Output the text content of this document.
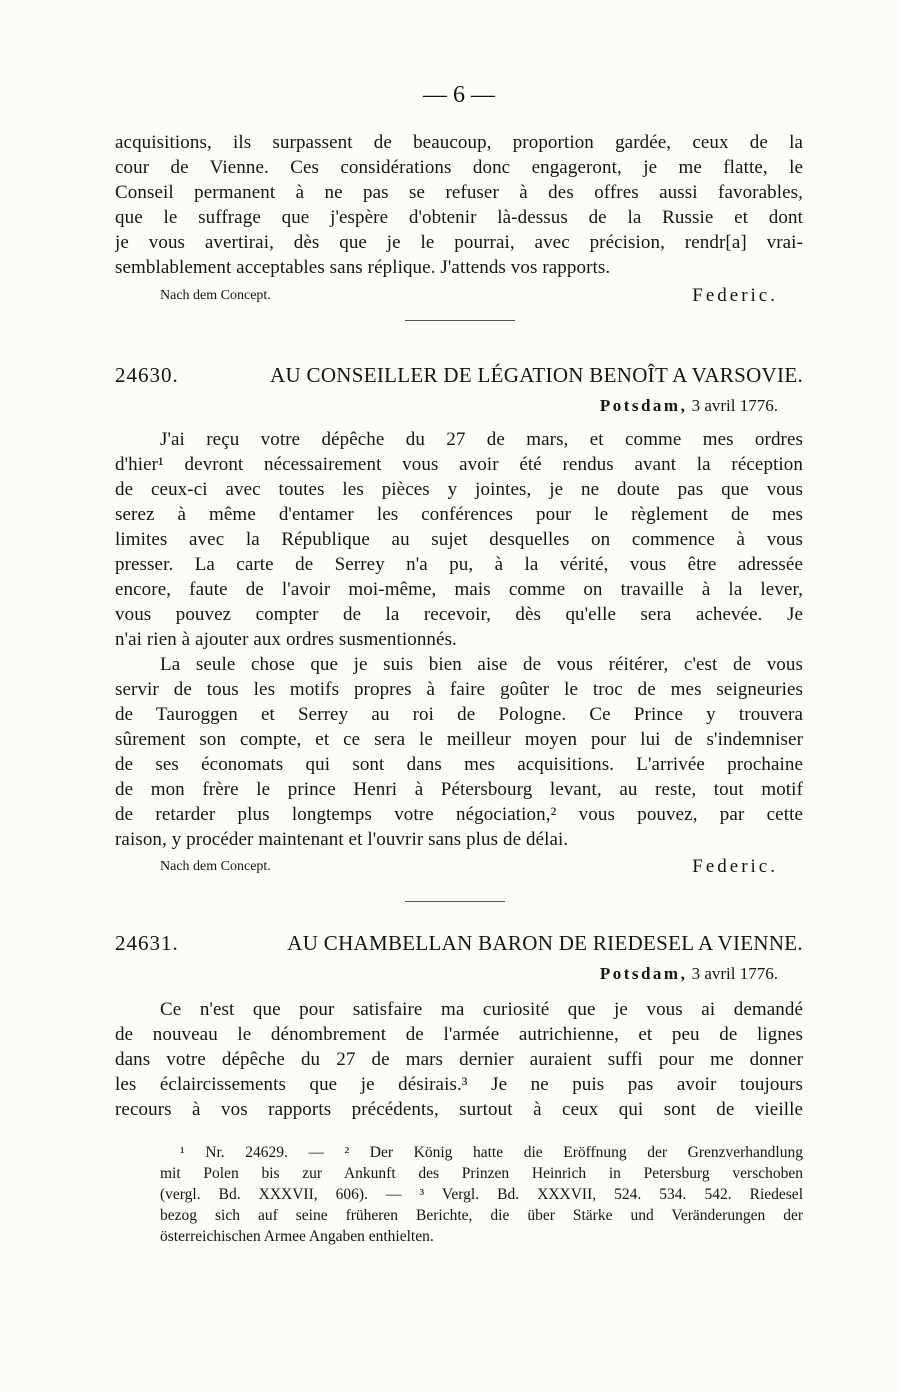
— 6 —
acquisitions, ils surpassent de beaucoup, proportion gardée, ceux de la
cour de Vienne. Ces considérations donc engageront, je me flatte, le
Conseil permanent à ne pas se refuser à des offres aussi favorables,
que le suffrage que j'espère d'obtenir là-dessus de la Russie et dont
je vous avertirai, dès que je le pourrai, avec précision, rendr[a] vrai-
semblablement acceptables sans réplique. J'attends vos rapports.
Nach dem Concept.	Federic.
24630.	AU CONSEILLER DE LÉGATION BENOÎT A VARSOVIE.
Potsdam, 3 avril 1776.
J'ai reçu votre dépêche du 27 de mars, et comme mes ordres
d'hier¹ devront nécessairement vous avoir été rendus avant la réception
de ceux-ci avec toutes les pièces y jointes, je ne doute pas que vous
serez à même d'entamer les conférences pour le règlement de mes
limites avec la République au sujet desquelles on commence à vous
presser. La carte de Serrey n'a pu, à la vérité, vous être adressée
encore, faute de l'avoir moi-même, mais comme on travaille à la lever,
vous pouvez compter de la recevoir, dès qu'elle sera achevée. Je
n'ai rien à ajouter aux ordres susmentionnés.
La seule chose que je suis bien aise de vous réitérer, c'est de vous
servir de tous les motifs propres à faire goûter le troc de mes seigneuries
de Tauroggen et Serrey au roi de Pologne. Ce Prince y trouvera
sûrement son compte, et ce sera le meilleur moyen pour lui de s'indemniser
de ses économats qui sont dans mes acquisitions. L'arrivée prochaine
de mon frère le prince Henri à Pétersbourg levant, au reste, tout motif
de retarder plus longtemps votre négociation,² vous pouvez, par cette
raison, y procéder maintenant et l'ouvrir sans plus de délai.
Nach dem Concept.	Federic.
24631.	AU CHAMBELLAN BARON DE RIEDESEL A VIENNE.
Potsdam, 3 avril 1776.
Ce n'est que pour satisfaire ma curiosité que je vous ai demandé
de nouveau le dénombrement de l'armée autrichienne, et peu de lignes
dans votre dépêche du 27 de mars dernier auraient suffi pour me donner
les éclaircissements que je désirais.³ Je ne puis pas avoir toujours
recours à vos rapports précédents, surtout à ceux qui sont de vieille
¹ Nr. 24629. — ² Der König hatte die Eröffnung der Grenzverhandlung
mit Polen bis zur Ankunft des Prinzen Heinrich in Petersburg verschoben
(vergl. Bd. XXXVII, 606). — ³ Vergl. Bd. XXXVII, 524. 534. 542. Riedesel
bezog sich auf seine früheren Berichte, die über Stärke und Veränderungen der
österreichischen Armee Angaben enthielten.
